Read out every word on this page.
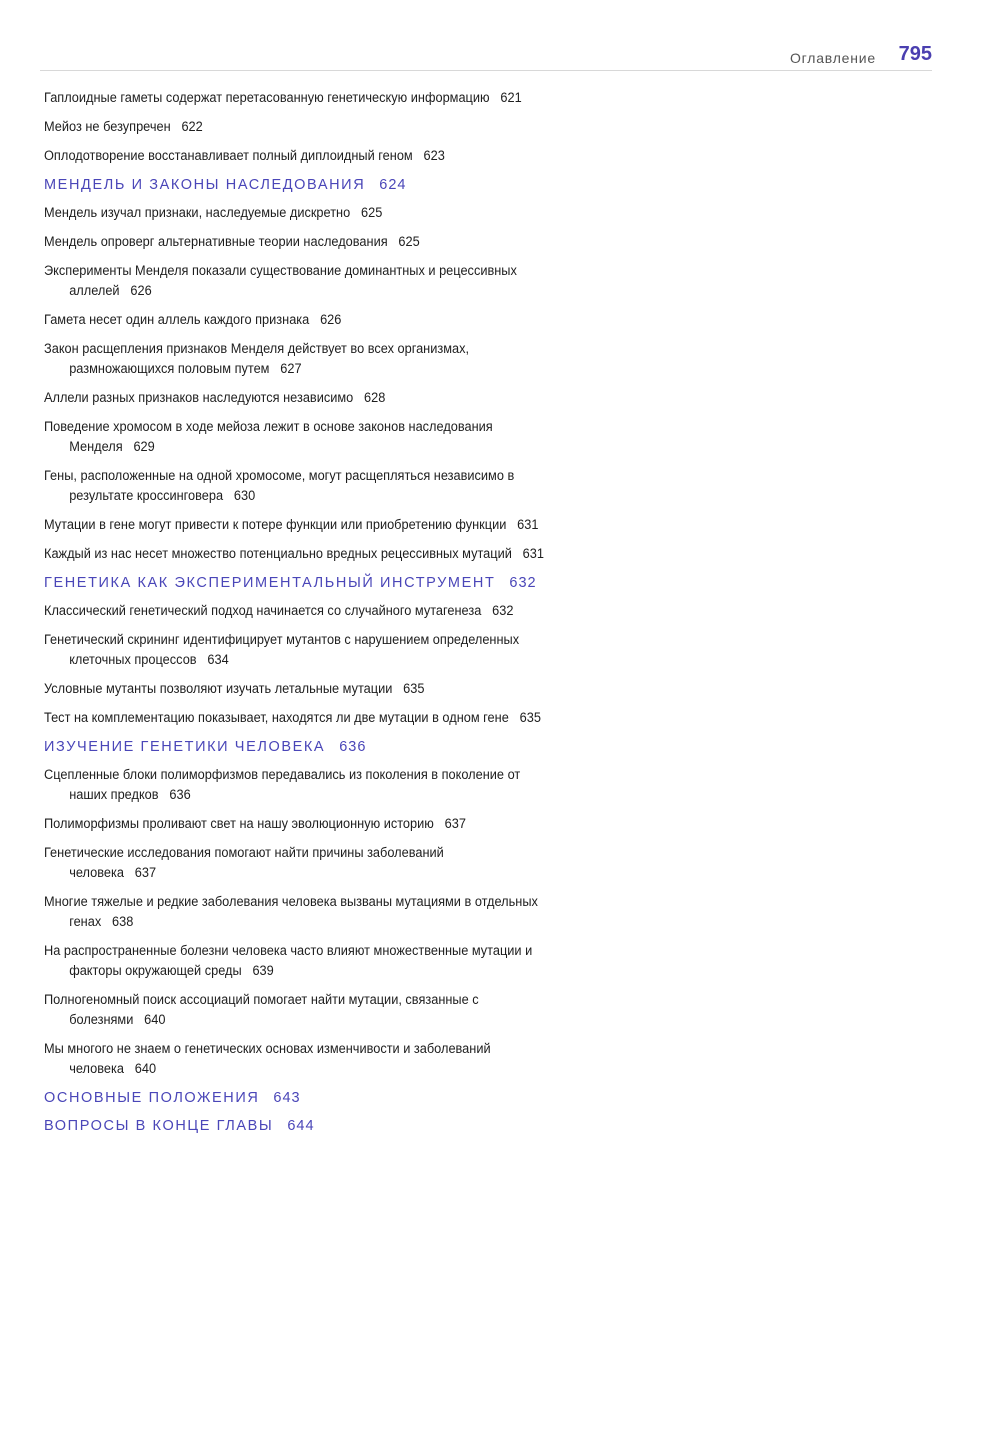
Оглавление 795
Гаплоидные гаметы содержат перетасованную генетическую информацию 621
Мейоз не безупречен 622
Оплодотворение восстанавливает полный диплоидный геном 623
МЕНДЕЛЬ И ЗАКОНЫ НАСЛЕДОВАНИЯ 624
Мендель изучал признаки, наследуемые дискретно 625
Мендель опроверг альтернативные теории наследования 625
Эксперименты Менделя показали существование доминантных и рецессивных
аллелей 626
Гамета несет один аллель каждого признака 626
Закон расщепления признаков Менделя действует во всех организмах,
размножающихся половым путем 627
Аллели разных признаков наследуются независимо 628
Поведение хромосом в ходе мейоза лежит в основе законов наследования
Менделя 629
Гены, расположенные на одной хромосоме, могут расщепляться независимо в
результате кроссинговера 630
Мутации в гене могут привести к потере функции или приобретению функции 631
Каждый из нас несет множество потенциально вредных рецессивных мутаций 631
ГЕНЕТИКА КАК ЭКСПЕРИМЕНТАЛЬНЫЙ ИНСТРУМЕНТ 632
Классический генетический подход начинается со случайного мутагенеза 632
Генетический скрининг идентифицирует мутантов с нарушением определенных
клеточных процессов 634
Условные мутанты позволяют изучать летальные мутации 635
Тест на комплементацию показывает, находятся ли две мутации в одном гене 635
ИЗУЧЕНИЕ ГЕНЕТИКИ ЧЕЛОВЕКА 636
Сцепленные блоки полиморфизмов передавались из поколения в поколение от
наших предков 636
Полиморфизмы проливают свет на нашу эволюционную историю 637
Генетические исследования помогают найти причины заболеваний
человека 637
Многие тяжелые и редкие заболевания человека вызваны мутациями в отдельных
генах 638
На распространенные болезни человека часто влияют множественные мутации и
факторы окружающей среды 639
Полногеномный поиск ассоциаций помогает найти мутации, связанные с
болезнями 640
Мы многого не знаем о генетических основах изменчивости и заболеваний
человека 640
ОСНОВНЫЕ ПОЛОЖЕНИЯ 643
ВОПРОСЫ В КОНЦЕ ГЛАВЫ 644
